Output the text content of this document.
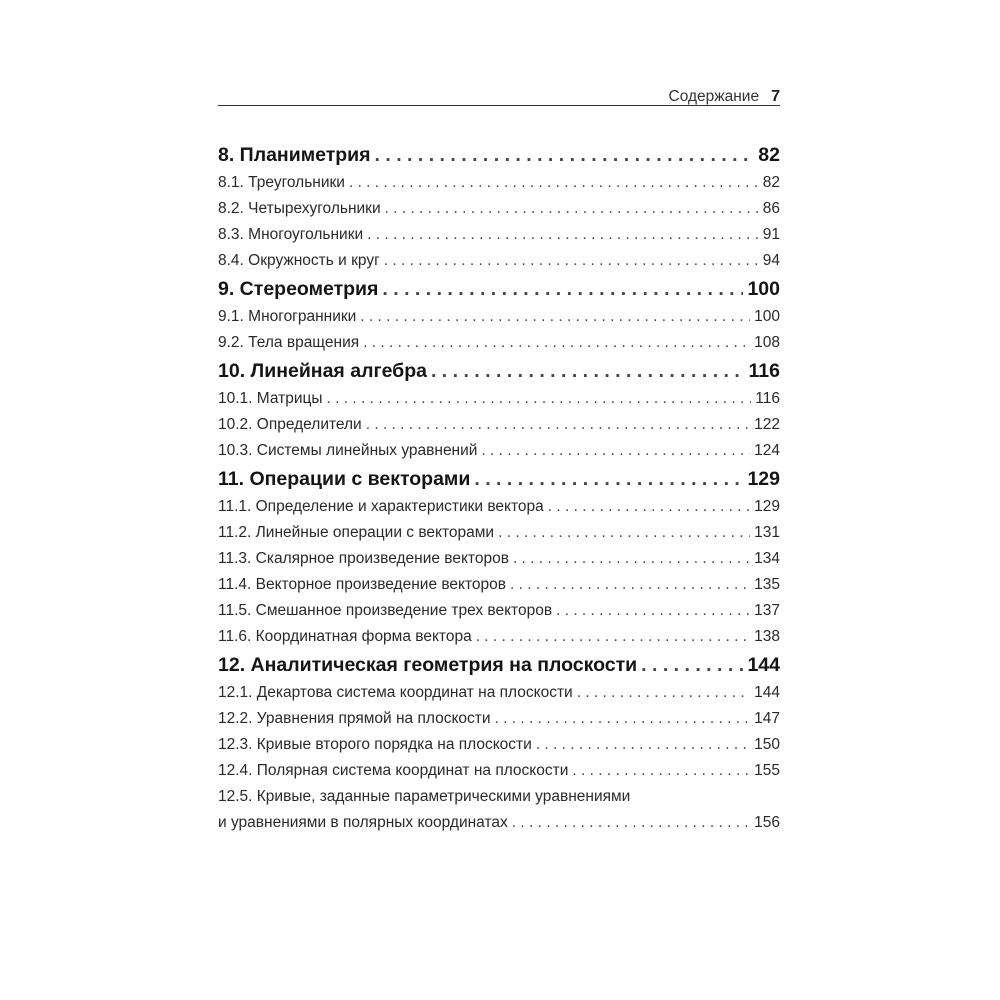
Содержание 7
8. Планиметрия . . .	82
8.1. Треугольники . . .	82
8.2. Четырехугольники . . .	86
8.3. Многоугольники . . .	91
8.4. Окружность и круг . . .	94
9. Стереометрия . . .	100
9.1. Многогранники . . .	100
9.2. Тела вращения . . .	108
10. Линейная алгебра . . .	116
10.1. Матрицы . . .	116
10.2. Определители . . .	122
10.3. Системы линейных уравнений . . .	124
11. Операции с векторами . . .	129
11.1. Определение и характеристики вектора . . .	129
11.2. Линейные операции с векторами . . .	131
11.3. Скалярное произведение векторов . . .	134
11.4. Векторное произведение векторов . . .	135
11.5. Смешанное произведение трех векторов . . .	137
11.6. Координатная форма вектора . . .	138
12. Аналитическая геометрия на плоскости . . .	144
12.1. Декартова система координат на плоскости . . .	144
12.2. Уравнения прямой на плоскости . . .	147
12.3. Кривые второго порядка на плоскости . . .	150
12.4. Полярная система координат на плоскости . . .	155
12.5. Кривые, заданные параметрическими уравнениями
и уравнениями в полярных координатах . . .	156
